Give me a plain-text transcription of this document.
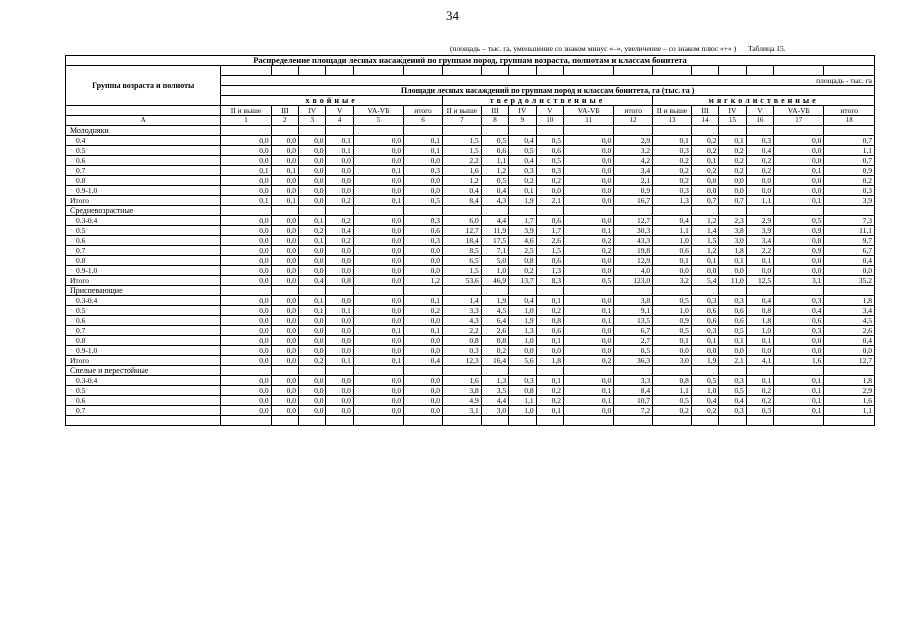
34
(площадь – тыс. га, уменьшение со знаком минус «–», увеличение – со знаком плюс «+» ) Таблица 15.
Распределение площади лесных насаждений по группам пород, группам возраста, полнотам и классам бонитета																		
Группы возраста и полноты																		
	площадь - тыс. га																	
	Площади лесных насаждений по группам пород и классам бонитета, га (тыс. га )																	
	хвойные						твердолиственные						мягколиственные					
	II и выше	III	IV	V	VA-VБ	итого	II и выше	III	IV	V	VA-VБ	итого	II и выше	III	IV	V	VA-VБ	итого
A	1	2	3	4	5	6	7	8	9	10	11	12	13	14	15	16	17	18
Молодняки																		
0.4	0,0	0,0	0,0	0,1	0,0	0,1	1,5	0,5	0,4	0,5	0,0	2,9	0,1	0,2	0,1	0,3	0,0	0,7
0.5	0,0	0,0	0,0	0,1	0,0	0,1	1,5	0,6	0,5	0,6	0,0	3,2	0,3	0,2	0,2	0,4	0,0	1,1
0.6	0,0	0,0	0,0	0,0	0,0	0,0	2,2	1,1	0,4	0,5	0,0	4,2	0,2	0,1	0,2	0,2	0,0	0,7
0.7	0,1	0,1	0,0	0,0	0,1	0,3	1,6	1,2	0,3	0,3	0,0	3,4	0,2	0,2	0,2	0,2	0,1	0,9
0.8	0,0	0,0	0,0	0,0	0,0	0,0	1,2	0,5	0,2	0,2	0,0	2,1	0,2	0,0	0,0	0,0	0,0	0,2
0.9-1.0	0,0	0,0	0,0	0,0	0,0	0,0	0,4	0,4	0,1	0,0	0,0	0,9	0,3	0,0	0,0	0,0	0,0	0,3
Итого	0,1	0,1	0,0	0,2	0,1	0,5	8,4	4,3	1,9	2,1	0,0	16,7	1,3	0,7	0,7	1,1	0,1	3,9
Средневозрастные																		
0.3-0.4	0,0	0,0	0,1	0,2	0,0	0,3	6,0	4,4	1,7	0,6	0,0	12,7	0,4	1,2	2,3	2,9	0,5	7,3
0.5	0,0	0,0	0,2	0,4	0,0	0,6	12,7	11,9	3,9	1,7	0,1	30,3	1,1	1,4	3,8	3,9	0,9	11,1
0.6	0,0	0,0	0,1	0,2	0,0	0,3	18,4	17,5	4,6	2,6	0,2	43,3	1,0	1,5	3,0	3,4	0,8	9,7
0.7	0,0	0,0	0,0	0,0	0,0	0,0	8,5	7,1	2,5	1,5	0,2	19,8	0,6	1,2	1,8	2,2	0,9	6,7
0.8	0,0	0,0	0,0	0,0	0,0	0,0	6,5	5,0	0,8	0,6	0,0	12,9	0,1	0,1	0,1	0,1	0,0	0,4
0.9-1.0	0,0	0,0	0,0	0,0	0,0	0,0	1,5	1,0	0,2	1,3	0,0	4,0	0,0	0,0	0,0	0,0	0,0	0,0
Итого	0,0	0,0	0,4	0,8	0,0	1,2	53,6	46,9	13,7	8,3	0,5	123,0	3,2	5,4	11,0	12,5	3,1	35,2
Приспевающие																		
0.3-0.4	0,0	0,0	0,1	0,0	0,0	0,1	1,4	1,9	0,4	0,1	0,0	3,8	0,5	0,3	0,3	0,4	0,3	1,8
0.5	0,0	0,0	0,1	0,1	0,0	0,2	3,3	4,5	1,0	0,2	0,1	9,1	1,0	0,6	0,6	0,8	0,4	3,4
0.6	0,0	0,0	0,0	0,0	0,0	0,0	4,3	6,4	1,9	0,8	0,1	13,5	0,9	0,6	0,6	1,8	0,6	4,5
0.7	0,0	0,0	0,0	0,0	0,1	0,1	2,2	2,6	1,3	0,6	0,0	6,7	0,5	0,3	0,5	1,0	0,3	2,6
0.8	0,0	0,0	0,0	0,0	0,0	0,0	0,8	0,8	1,0	0,1	0,0	2,7	0,1	0,1	0,1	0,1	0,0	0,4
0.9-1.0	0,0	0,0	0,0	0,0	0,0	0,0	0,3	0,2	0,0	0,0	0,0	0,5	0,0	0,0	0,0	0,0	0,0	0,0
Итого	0,0	0,0	0,2	0,1	0,1	0,4	12,3	16,4	5,6	1,8	0,2	36,3	3,0	1,9	2,1	4,1	1,6	12,7
Спелые и перестойные																		
0.3-0.4	0,0	0,0	0,0	0,0	0,0	0,0	1,6	1,3	0,3	0,1	0,0	3,3	0,8	0,5	0,3	0,1	0,1	1,8
0.5	0,0	0,0	0,0	0,0	0,0	0,0	3,8	3,5	0,8	0,2	0,1	8,4	1,1	1,0	0,5	0,2	0,1	2,9
0.6	0,0	0,0	0,0	0,0	0,0	0,0	4,9	4,4	1,1	0,2	0,1	10,7	0,5	0,4	0,4	0,2	0,1	1,6
0.7	0,0	0,0	0,0	0,0	0,0	0,0	3,1	3,0	1,0	0,1	0,0	7,2	0,2	0,2	0,3	0,3	0,1	1,1
